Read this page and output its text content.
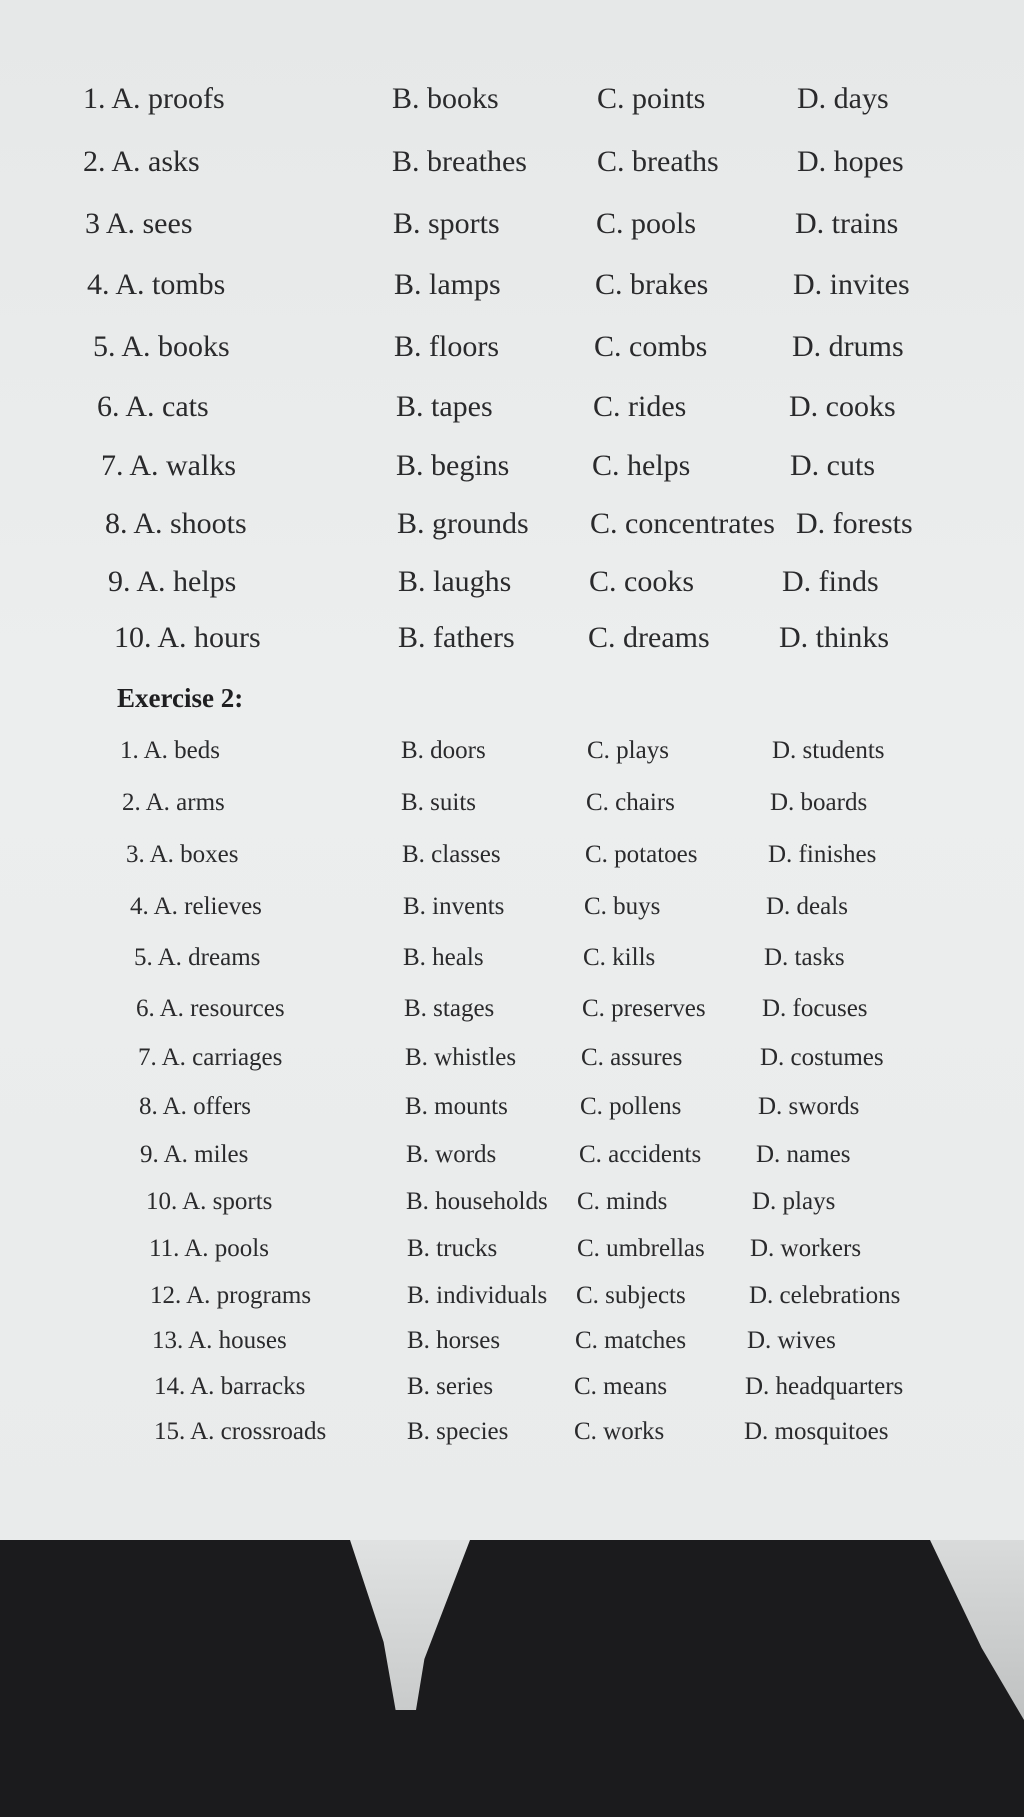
1. A. proofs	B. books	C. points	D. days
2. A. asks	B. breathes C. breaths	D. hopes
3 A. sees	B. sports	C. pools	D. trains
4. A. tombs	B. lamps	C. brakes	D. invites
5. A. books	B. floors	C. combs	D. drums
6. A. cats	B. tapes	C. rides	D. cooks
7. A. walks	B. begins	C. helps	D. cuts
8. A. shoots	B. grounds C. concentrates D. forests
9. A. helps	B. laughs	C. cooks	D. finds
10. A. hours	B. fathers C. dreams D. thinks
Exercise 2:
1. A. beds	B. doors	C. plays	D. students
2. A. arms	B. suits	C. chairs	D. boards
3. A. boxes	B. classes	C. potatoes	D. finishes
4. A. relieves	B. invents	C. buys	D. deals
5. A. dreams	B. heals	C. kills	D. tasks
6. A. resources	B. stages	C. preserves D. focuses
7. A. carriages	B. whistles	C. assures	D. costumes
8. A. offers	B. mounts	C. pollens	D. swords
9. A. miles	B. words	C. accidents D. names
10. A. sports	B. households C. minds	D. plays
11. A. pools	B. trucks	C. umbrellas D. workers
12. A. programs	B. individuals C. subjects	D. celebrations
13. A. houses	B. horses	C. matches D. wives
14. A. barracks	B. series	C. means	D. headquarters
15. A. crossroads	B. species	C. works	D. mosquitoes
